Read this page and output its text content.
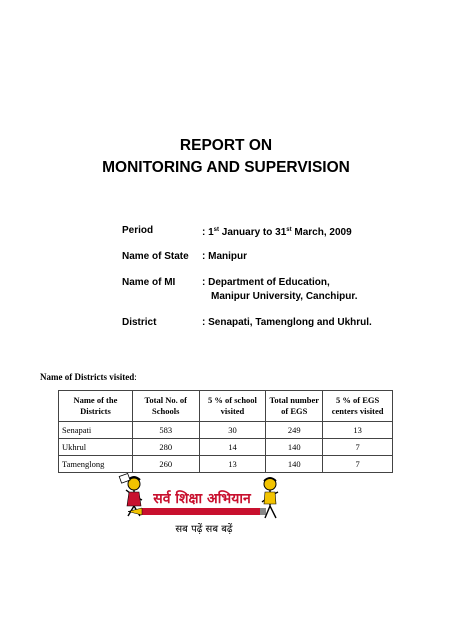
REPORT ON
MONITORING AND SUPERVISION
Period	: 1st January to 31st March, 2009
Name of State : Manipur
Name of MI	: Department of Education,
Manipur University, Canchipur.
District	: Senapati, Tamenglong and Ukhrul.
Name of Districts visited:
Name of the Districts	Total No. of Schools	5 % of school visited	Total number of EGS	5 % of EGS centers visited
Senapati	583	30	249	13
Ukhrul	280	14	140	7
Tamenglong	260	13	140	7
सर्व शिक्षा अभियान
सब पढ़ें सब बढ़ें
